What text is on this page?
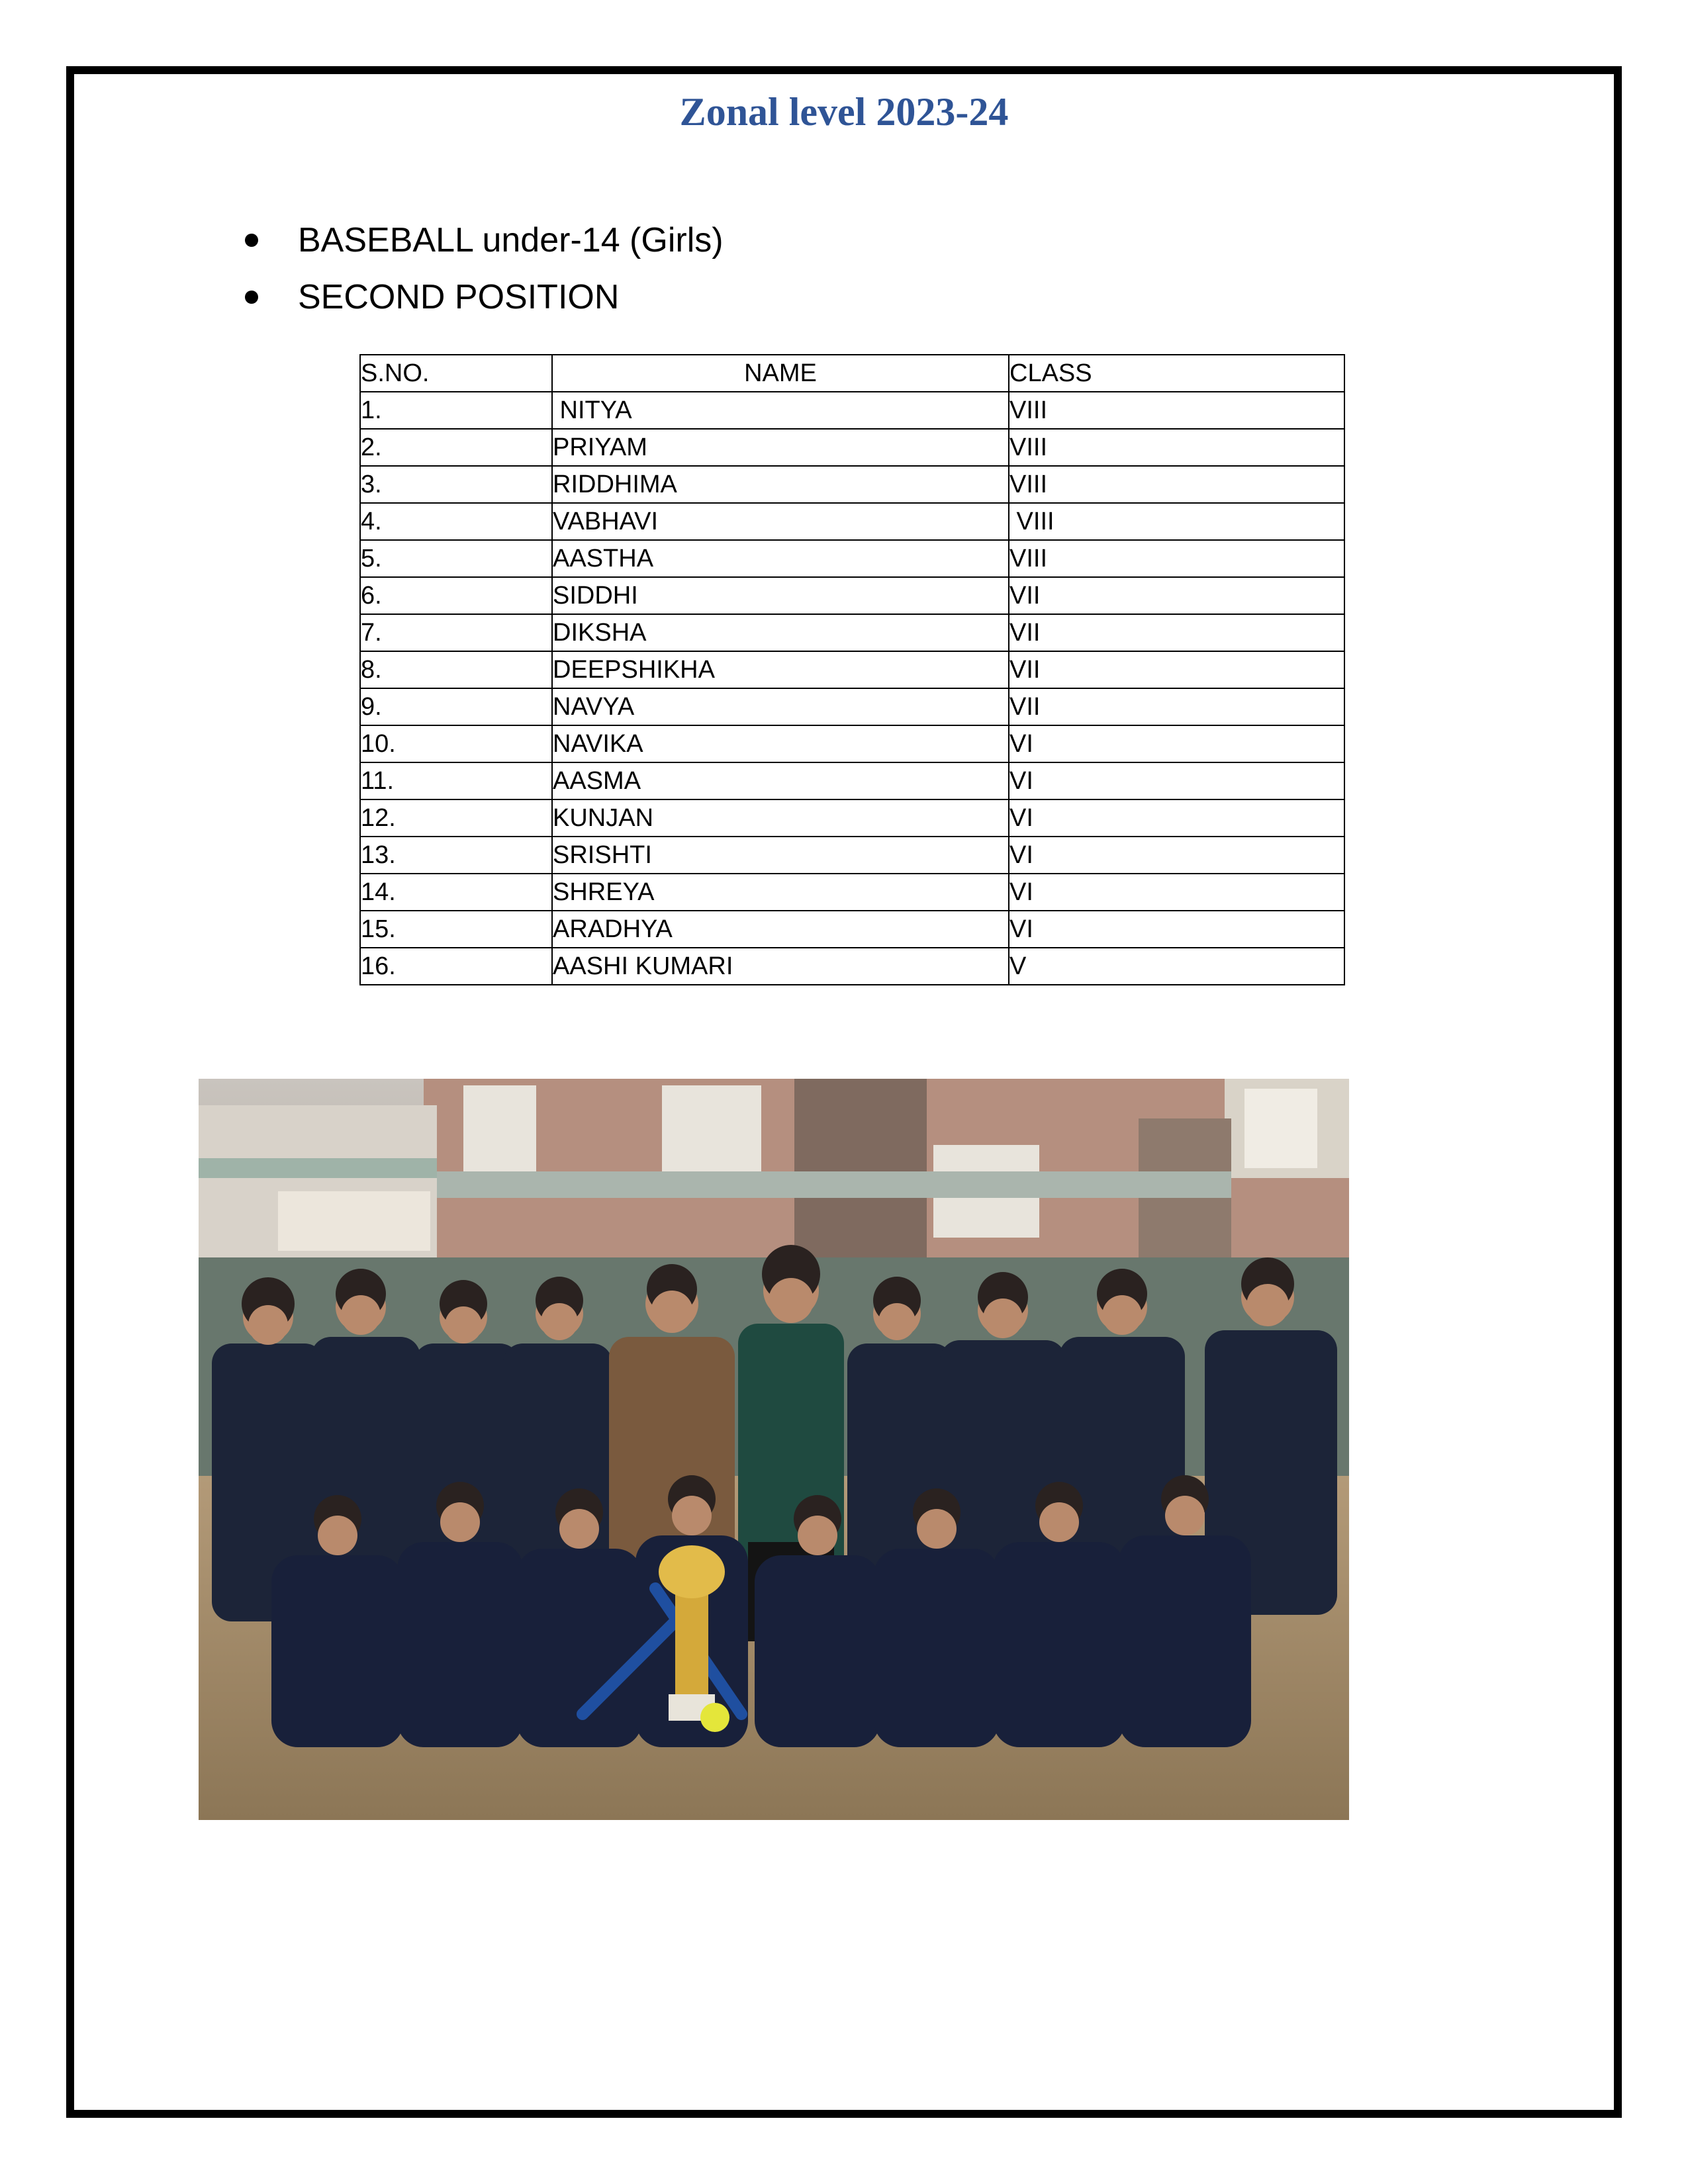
Zonal level 2023-24
BASEBALL under-14 (Girls)
SECOND POSITION
S.NO.	NAME	CLASS
1.	NITYA	VIII
2.	PRIYAM	VIII
3.	RIDDHIMA	VIII
4.	VABHAVI	VIII
5.	AASTHA	VIII
6.	SIDDHI	VII
7.	DIKSHA	VII
8.	DEEPSHIKHA	VII
9.	NAVYA	VII
10.	NAVIKA	VI
11.	AASMA	VI
12.	KUNJAN	VI
13.	SRISHTI	VI
14.	SHREYA	VI
15.	ARADHYA	VI
16.	AASHI KUMARI	V
